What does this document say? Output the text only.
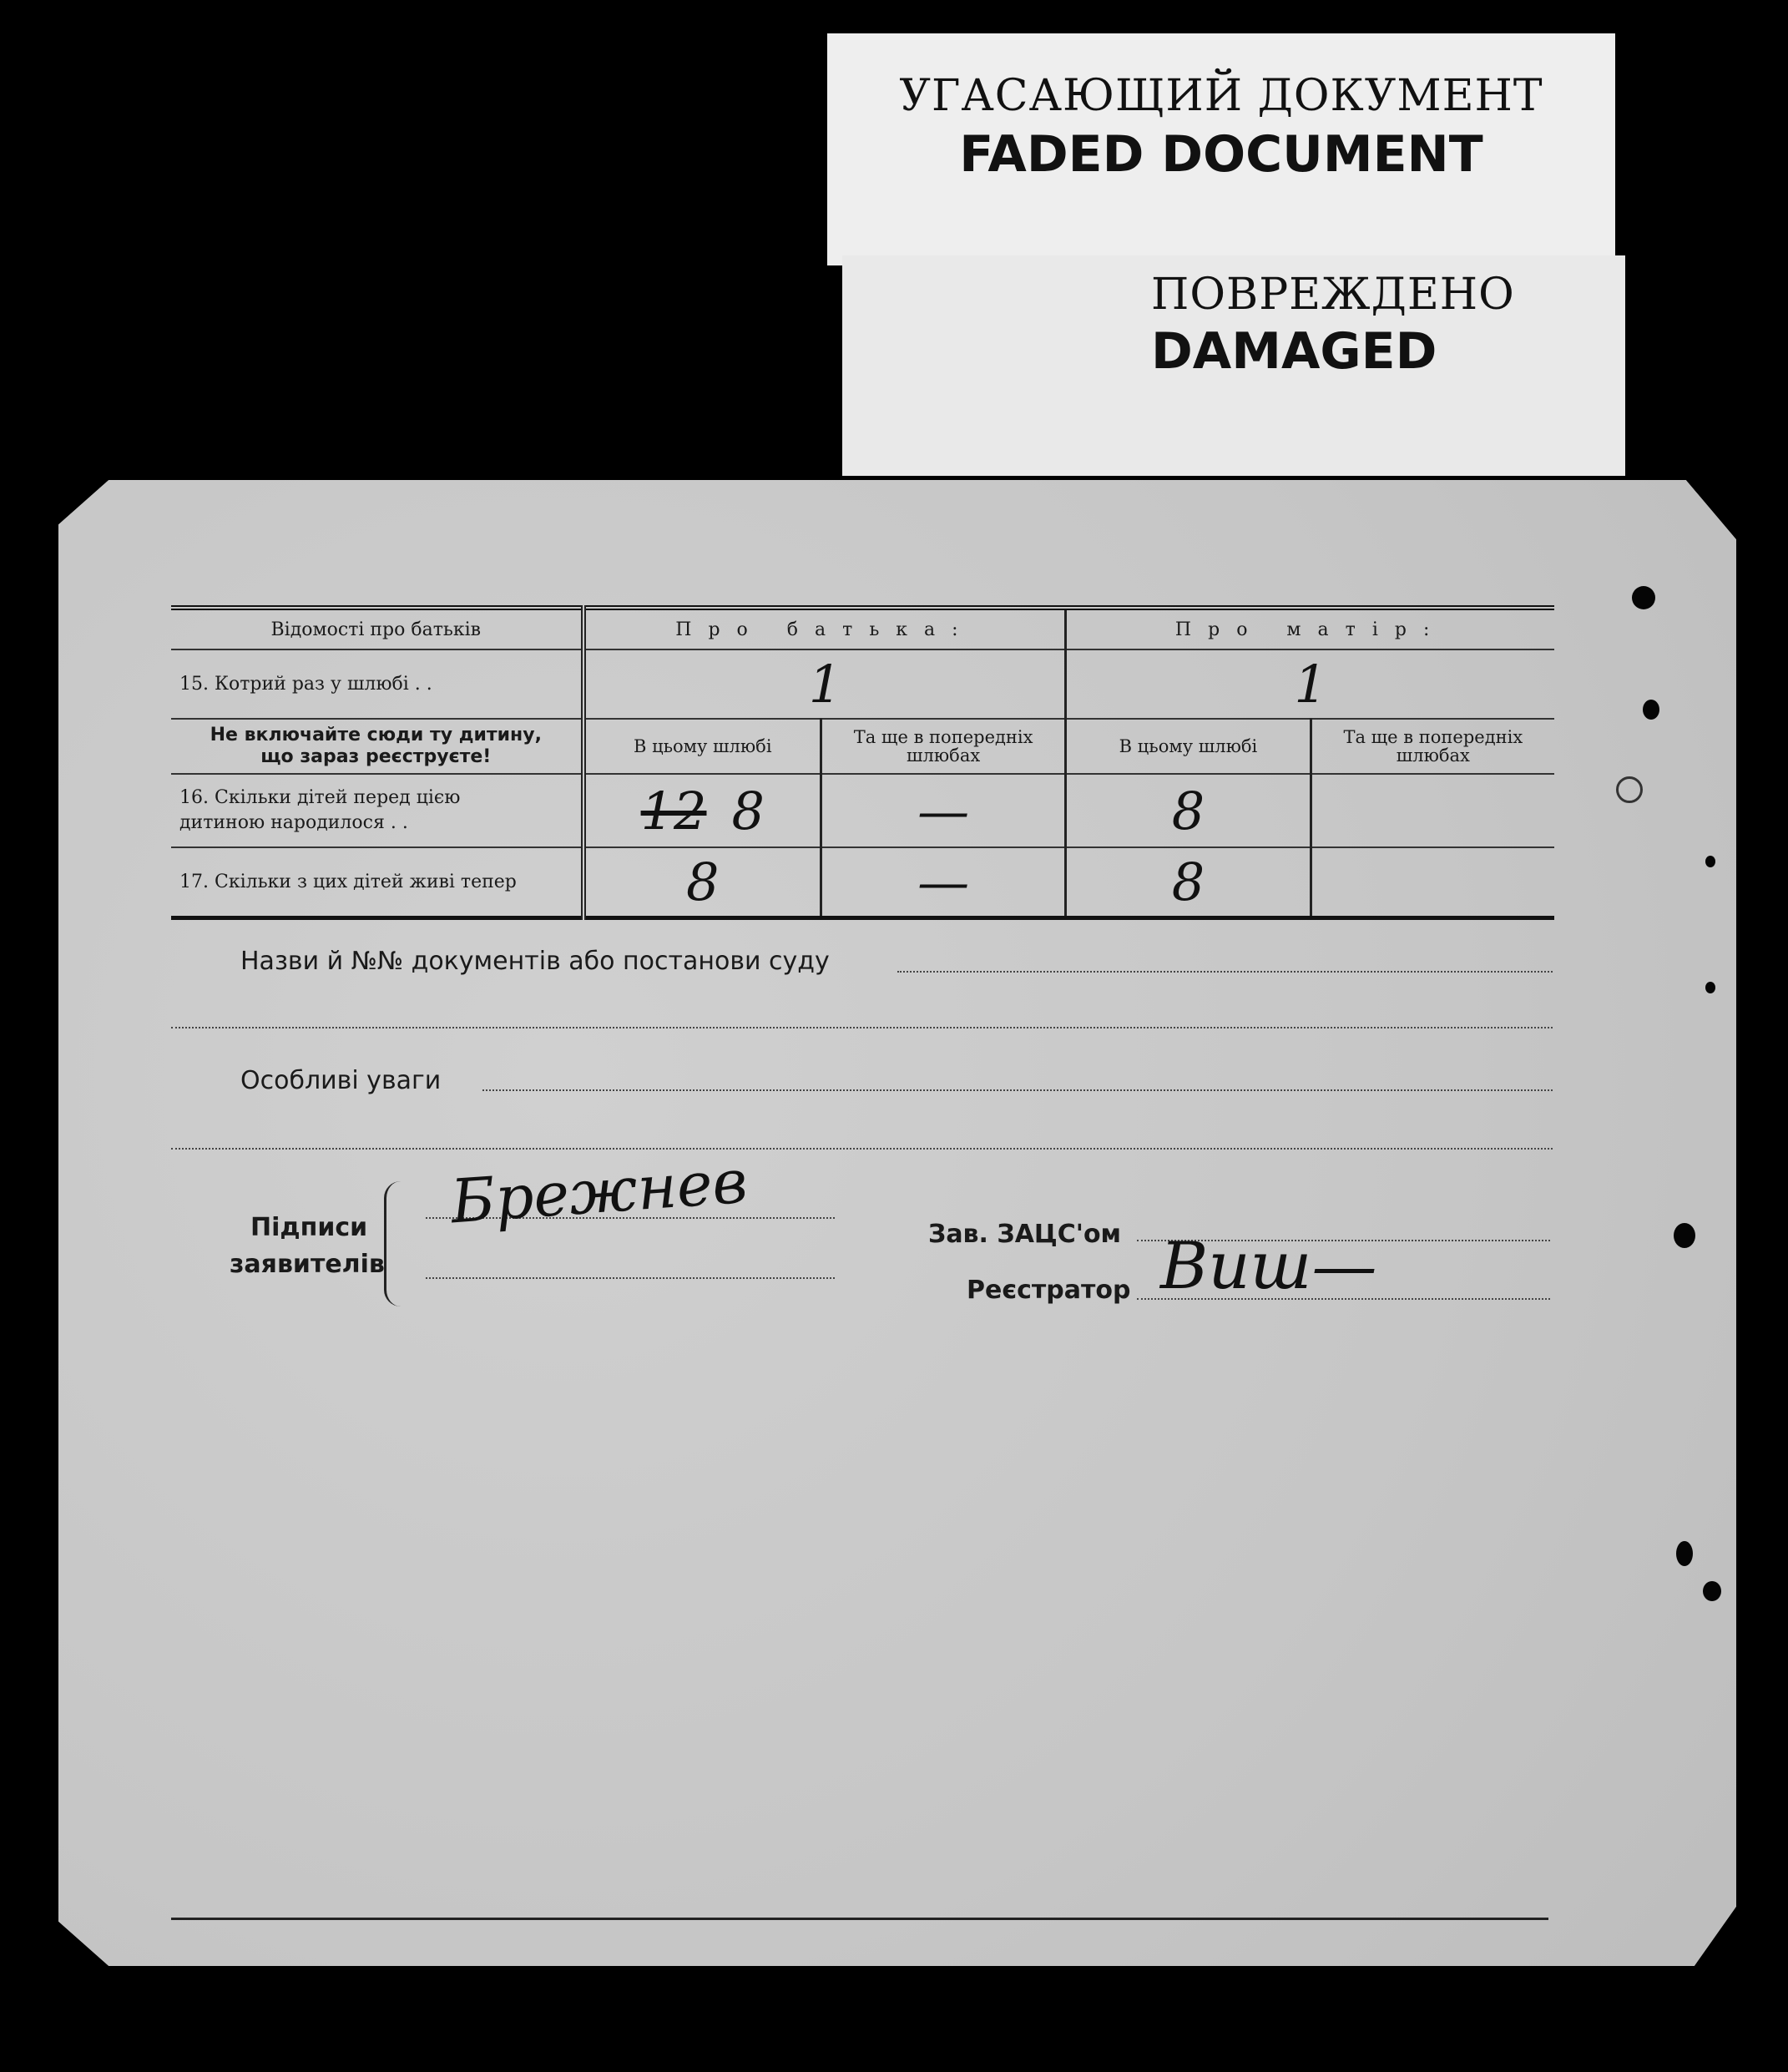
УГАСАЮЩИЙ ДОКУМЕНТ
FADED DOCUMENT
ПОВРЕЖДЕНО
DAMAGED
Відомості про батьків	Про батька:		Про матір:	
15. Котрий раз у шлюбі . .	1		1	

Не включайте сюди ту дитину,
що зараз реєструєте!	В цьому шлюбі	Та ще в попередніх шлюбах	В цьому шлюбі	Та ще в попередніх шлюбах

16. Скільки дітей перед цією
дитиною народилося . .	12 8	—	8	
17. Скільки з цих дітей живі тепер	8	—	8	
Назви й №№ документів або постанови суду
Особливі уваги
Підписи
заявителів
Брежнев	Зав. ЗАЦС'ом
Реєстратор Виш—
